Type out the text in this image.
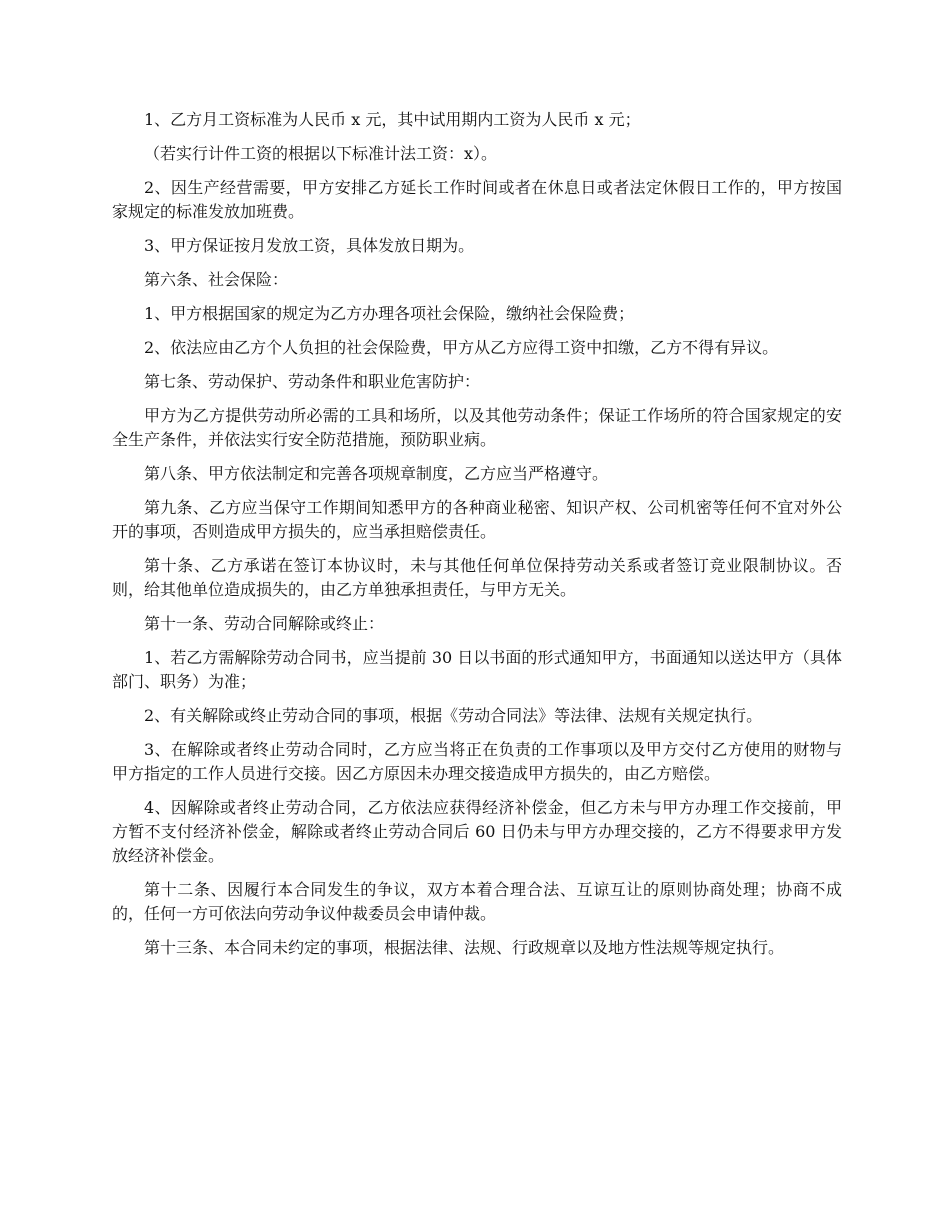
1、乙方月工资标准为人民币 x 元，其中试用期内工资为人民币 x 元；

（若实行计件工资的根据以下标准计法工资：x）。

2、因生产经营需要，甲方安排乙方延长工作时间或者在休息日或者法定休假日工作的，甲方按国家规定的标准发放加班费。

3、甲方保证按月发放工资，具体发放日期为。

第六条、社会保险：

1、甲方根据国家的规定为乙方办理各项社会保险，缴纳社会保险费；

2、依法应由乙方个人负担的社会保险费，甲方从乙方应得工资中扣缴，乙方不得有异议。

第七条、劳动保护、劳动条件和职业危害防护：

甲方为乙方提供劳动所必需的工具和场所，以及其他劳动条件；保证工作场所的符合国家规定的安全生产条件，并依法实行安全防范措施，预防职业病。

第八条、甲方依法制定和完善各项规章制度，乙方应当严格遵守。

第九条、乙方应当保守工作期间知悉甲方的各种商业秘密、知识产权、公司机密等任何不宜对外公开的事项，否则造成甲方损失的，应当承担赔偿责任。

第十条、乙方承诺在签订本协议时，未与其他任何单位保持劳动关系或者签订竞业限制协议。否则，给其他单位造成损失的，由乙方单独承担责任，与甲方无关。

第十一条、劳动合同解除或终止：

1、若乙方需解除劳动合同书，应当提前 30 日以书面的形式通知甲方，书面通知以送达甲方（具体部门、职务）为准；

2、有关解除或终止劳动合同的事项，根据《劳动合同法》等法律、法规有关规定执行。

3、在解除或者终止劳动合同时，乙方应当将正在负责的工作事项以及甲方交付乙方使用的财物与甲方指定的工作人员进行交接。因乙方原因未办理交接造成甲方损失的，由乙方赔偿。

4、因解除或者终止劳动合同，乙方依法应获得经济补偿金，但乙方未与甲方办理工作交接前，甲方暂不支付经济补偿金，解除或者终止劳动合同后 60 日仍未与甲方办理交接的，乙方不得要求甲方发放经济补偿金。

第十二条、因履行本合同发生的争议，双方本着合理合法、互谅互让的原则协商处理；协商不成的，任何一方可依法向劳动争议仲裁委员会申请仲裁。

第十三条、本合同未约定的事项，根据法律、法规、行政规章以及地方性法规等规定执行。
